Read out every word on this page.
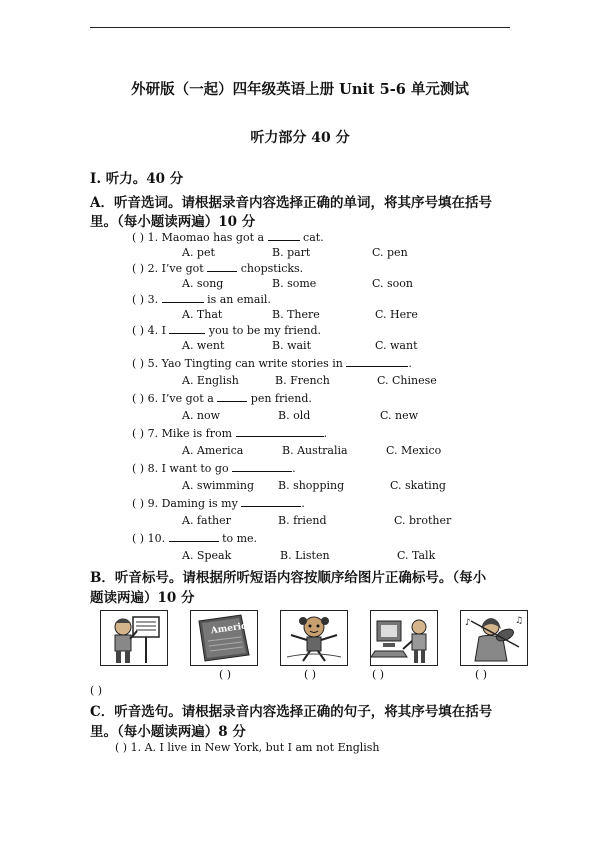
外研版（一起）四年级英语上册 Unit 5-6 单元测试
听力部分 40 分
I. 听力。40 分
A．听音选词。请根据录音内容选择正确的单词，将其序号填在括号
里。（每小题读两遍）10 分
( ) 1. Maomao has got a	cat.
A. pet	B. part	C. pen
( ) 2. I’ve got	chopsticks.
A. song	B. some	C. soon
( ) 3.	is an email.
A. That	B. There	C. Here
( ) 4. I	you to be my friend.
A. went	B. wait	C. want
( ) 5. Yao Tingting can write stories in	.
A. English	B. French	C. Chinese
( ) 6. I’ve got a	pen friend.
A. now	B. old	C. new
( ) 7. Mike is from	.
A. America	B. Australia	C. Mexico
( ) 8. I want to go	.
A. swimming B. shopping	C. skating
( ) 9. Daming is my	.
A. father	B. friend	C. brother
( ) 10.	to me.
A. Speak	B. Listen	C. Talk
B．听音标号。请根据所听短语内容按顺序给图片正确标号。（每小
题读两遍）10 分
America	♪	♫
( )	( )	( )	( )
( )
C．听音选句。请根据录音内容选择正确的句子，将其序号填在括号
里。（每小题读两遍）8 分
( ) 1. A. I live in New York, but I am not English
